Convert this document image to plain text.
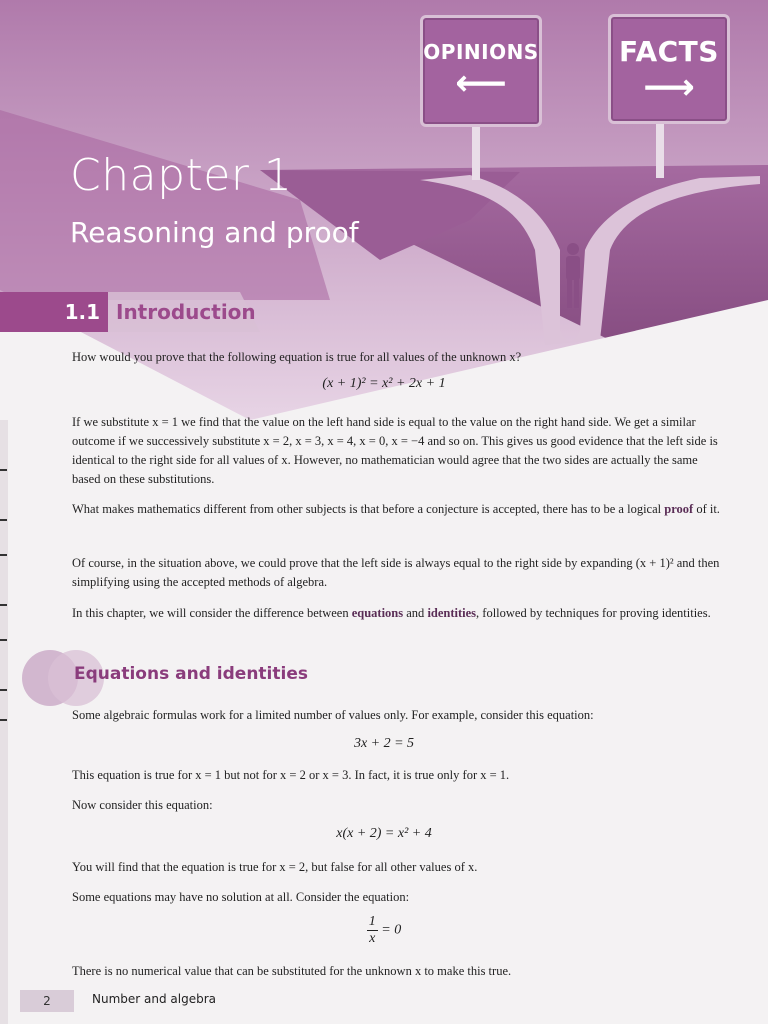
OPINIONS
⟵
FACTS
⟶
Chapter 1
Reasoning and proof
1.1 Introduction
How would you prove that the following equation is true for all values of the unknown x?
(x + 1)² = x² + 2x + 1
If we substitute x = 1 we find that the value on the left hand side is equal to the value on the right hand side. We get a similar outcome if we successively substitute x = 2, x = 3, x = 4, x = 0, x = −4 and so on. This gives us good evidence that the left side is identical to the right side for all values of x. However, no mathematician would agree that the two sides are actually the same based on these substitutions.
What makes mathematics different from other subjects is that before a conjecture is accepted, there has to be a logical proof of it.
Of course, in the situation above, we could prove that the left side is always equal to the right side by expanding (x + 1)² and then simplifying using the accepted methods of algebra.
In this chapter, we will consider the difference between equations and identities, followed by techniques for proving identities.
Equations and identities
Some algebraic formulas work for a limited number of values only. For example, consider this equation:
3x + 2 = 5
This equation is true for x = 1 but not for x = 2 or x = 3. In fact, it is true only for x = 1.
Now consider this equation:
x(x + 2) = x² + 4
You will find that the equation is true for x = 2, but false for all other values of x.
Some equations may have no solution at all. Consider the equation:
$\frac{1}{x} = 0$
There is no numerical value that can be substituted for the unknown x to make this true.
2	Number and algebra
